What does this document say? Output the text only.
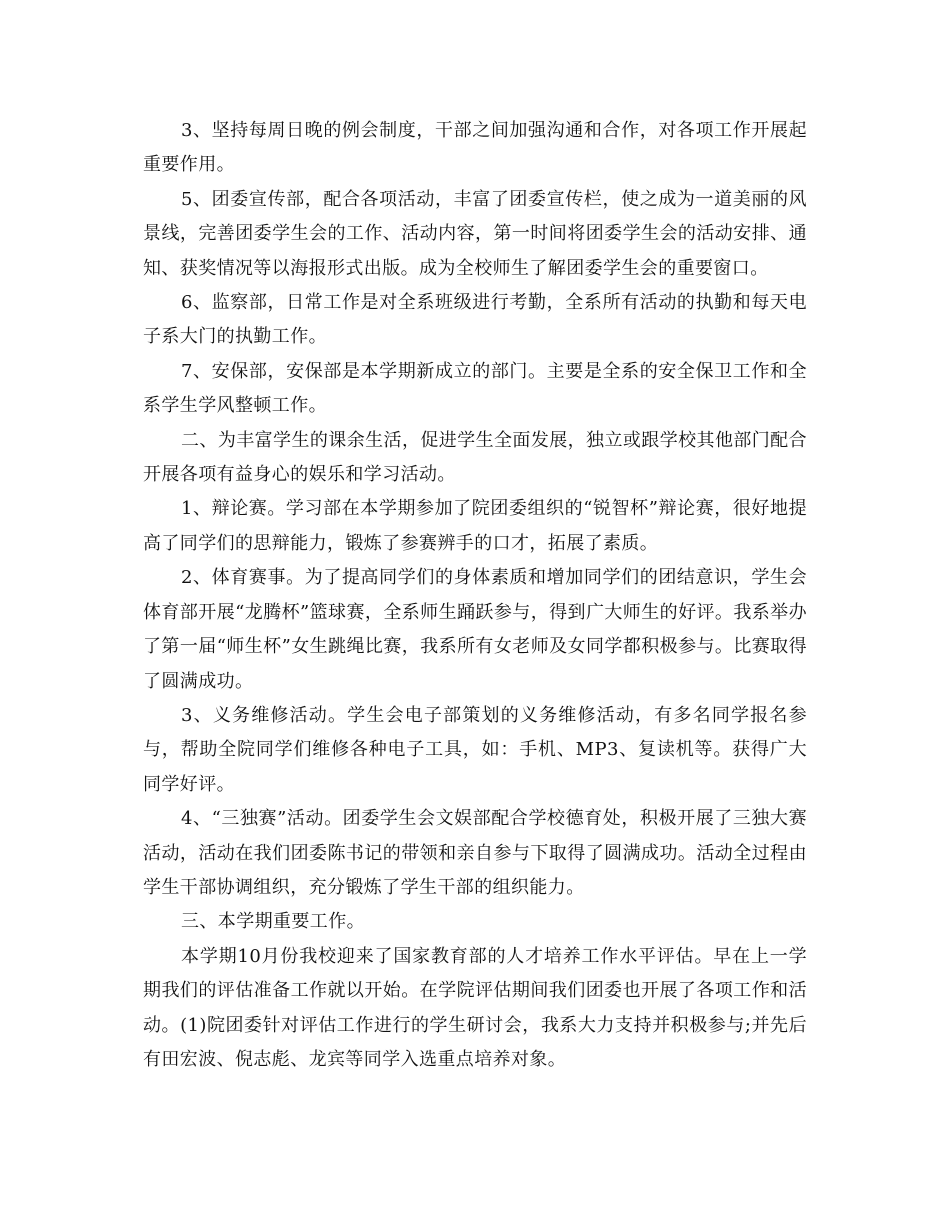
3、坚持每周日晚的例会制度，干部之间加强沟通和合作，对各项工作开展起重要作用。

5、团委宣传部，配合各项活动，丰富了团委宣传栏，使之成为一道美丽的风景线，完善团委学生会的工作、活动内容，第一时间将团委学生会的活动安排、通知、获奖情况等以海报形式出版。成为全校师生了解团委学生会的重要窗口。

6、监察部，日常工作是对全系班级进行考勤，全系所有活动的执勤和每天电子系大门的执勤工作。

7、安保部，安保部是本学期新成立的部门。主要是全系的安全保卫工作和全系学生学风整顿工作。

二、为丰富学生的课余生活，促进学生全面发展，独立或跟学校其他部门配合开展各项有益身心的娱乐和学习活动。

1、辩论赛。学习部在本学期参加了院团委组织的“锐智杯”辩论赛，很好地提高了同学们的思辩能力，锻炼了参赛辨手的口才，拓展了素质。

2、体育赛事。为了提高同学们的身体素质和增加同学们的团结意识，学生会体育部开展“龙腾杯”篮球赛，全系师生踊跃参与，得到广大师生的好评。我系举办了第一届“师生杯”女生跳绳比赛，我系所有女老师及女同学都积极参与。比赛取得了圆满成功。

3、义务维修活动。学生会电子部策划的义务维修活动，有多名同学报名参与，帮助全院同学们维修各种电子工具，如：手机、MP3、复读机等。获得广大同学好评。

4、“三独赛”活动。团委学生会文娱部配合学校德育处，积极开展了三独大赛活动，活动在我们团委陈书记的带领和亲自参与下取得了圆满成功。活动全过程由学生干部协调组织，充分锻炼了学生干部的组织能力。

三、本学期重要工作。

本学期10月份我校迎来了国家教育部的人才培养工作水平评估。早在上一学期我们的评估准备工作就以开始。在学院评估期间我们团委也开展了各项工作和活动。(1)院团委针对评估工作进行的学生研讨会，我系大力支持并积极参与;并先后有田宏波、倪志彪、龙宾等同学入选重点培养对象。
